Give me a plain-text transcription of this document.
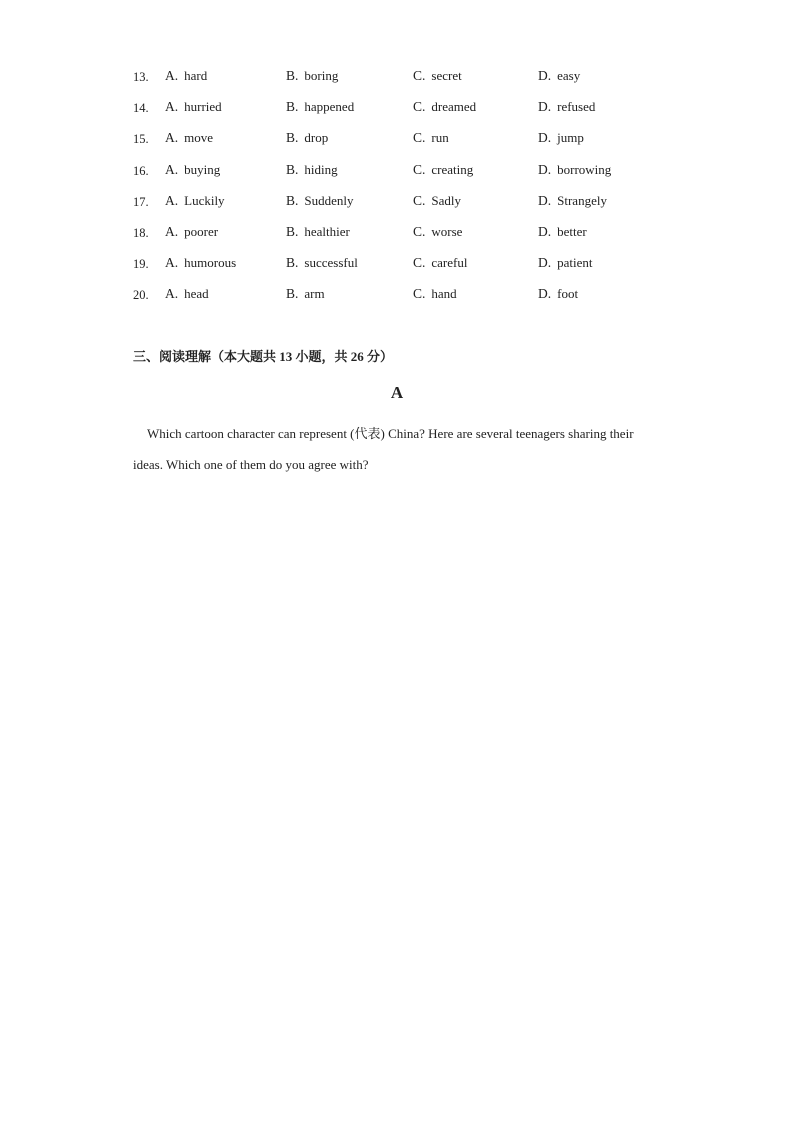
13. A. hard	B. boring	C. secret	D. easy
14. A. hurried	B. happened	C. dreamed	D. refused
15. A. move	B. drop	C. run	D. jump
16. A. buying	B. hiding	C. creating	D. borrowing
17. A. Luckily	B. Suddenly	C. Sadly	D. Strangely
18. A. poorer	B. healthier	C. worse	D. better
19. A. humorous	B. successful	C. careful	D. patient
20. A. head	B. arm	C. hand	D. foot
三、阅读理解（本大题共 13 小题，共 26 分）
A
Which cartoon character can represent (代表) China? Here are several teenagers sharing their ideas. Which one of them do you agree with?
